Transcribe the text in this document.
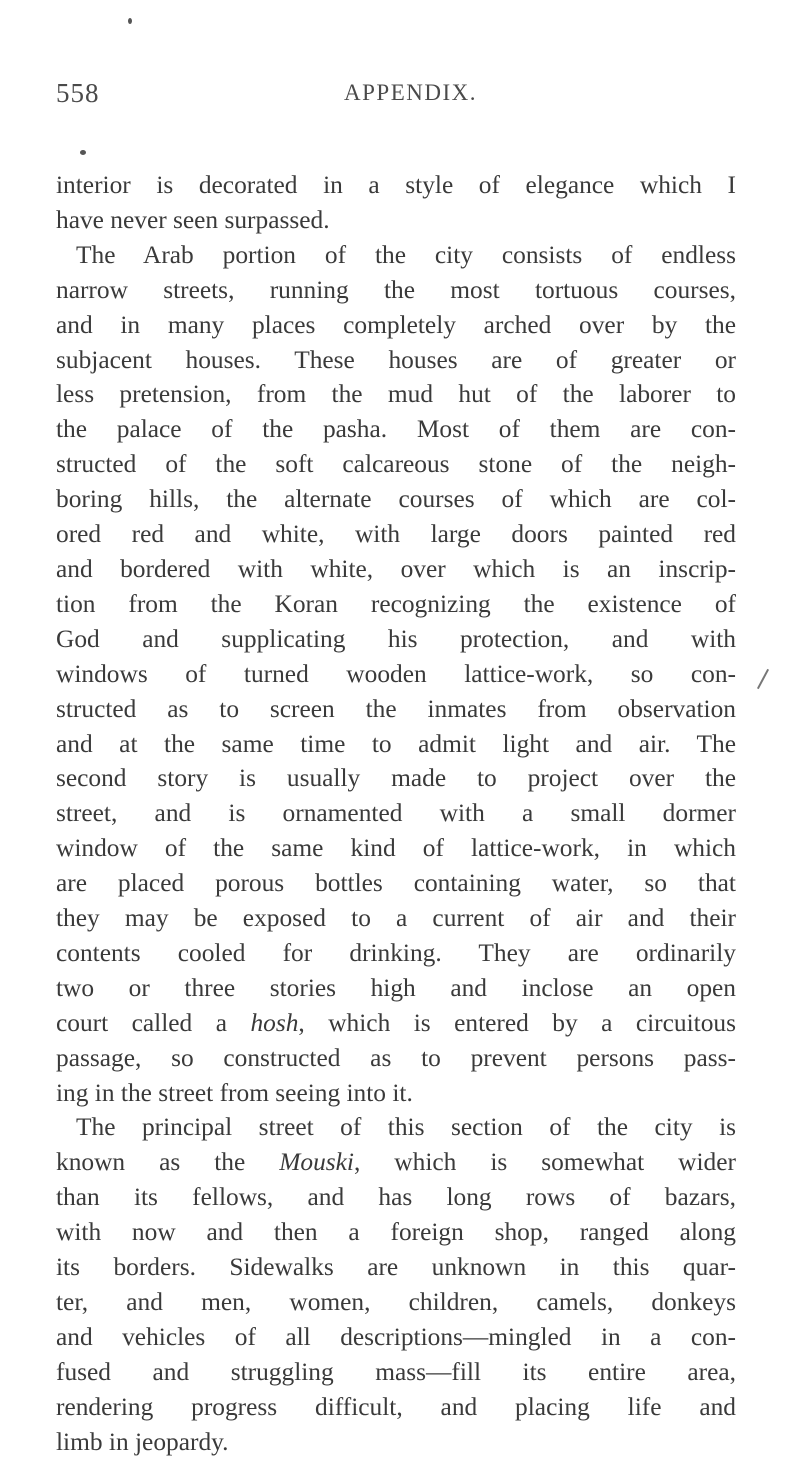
558	APPENDIX.
interior is decorated in a style of elegance which I
have never seen surpassed.
The Arab portion of the city consists of endless
narrow streets, running the most tortuous courses,
and in many places completely arched over by the
subjacent houses. These houses are of greater or
less pretension, from the mud hut of the laborer to
the palace of the pasha. Most of them are con-
structed of the soft calcareous stone of the neigh-
boring hills, the alternate courses of which are col-
ored red and white, with large doors painted red
and bordered with white, over which is an inscrip-
tion from the Koran recognizing the existence of
God and supplicating his protection, and with
windows of turned wooden lattice-work, so con-
structed as to screen the inmates from observation
and at the same time to admit light and air. The
second story is usually made to project over the
street, and is ornamented with a small dormer
window of the same kind of lattice-work, in which
are placed porous bottles containing water, so that
they may be exposed to a current of air and their
contents cooled for drinking. They are ordinarily
two or three stories high and inclose an open
court called a hosh, which is entered by a circuitous
passage, so constructed as to prevent persons pass-
ing in the street from seeing into it.
The principal street of this section of the city is
known as the Mouski, which is somewhat wider
than its fellows, and has long rows of bazars,
with now and then a foreign shop, ranged along
its borders. Sidewalks are unknown in this quar-
ter, and men, women, children, camels, donkeys
and vehicles of all descriptions—mingled in a con-
fused and struggling mass—fill its entire area,
rendering progress difficult, and placing life and
limb in jeopardy.
